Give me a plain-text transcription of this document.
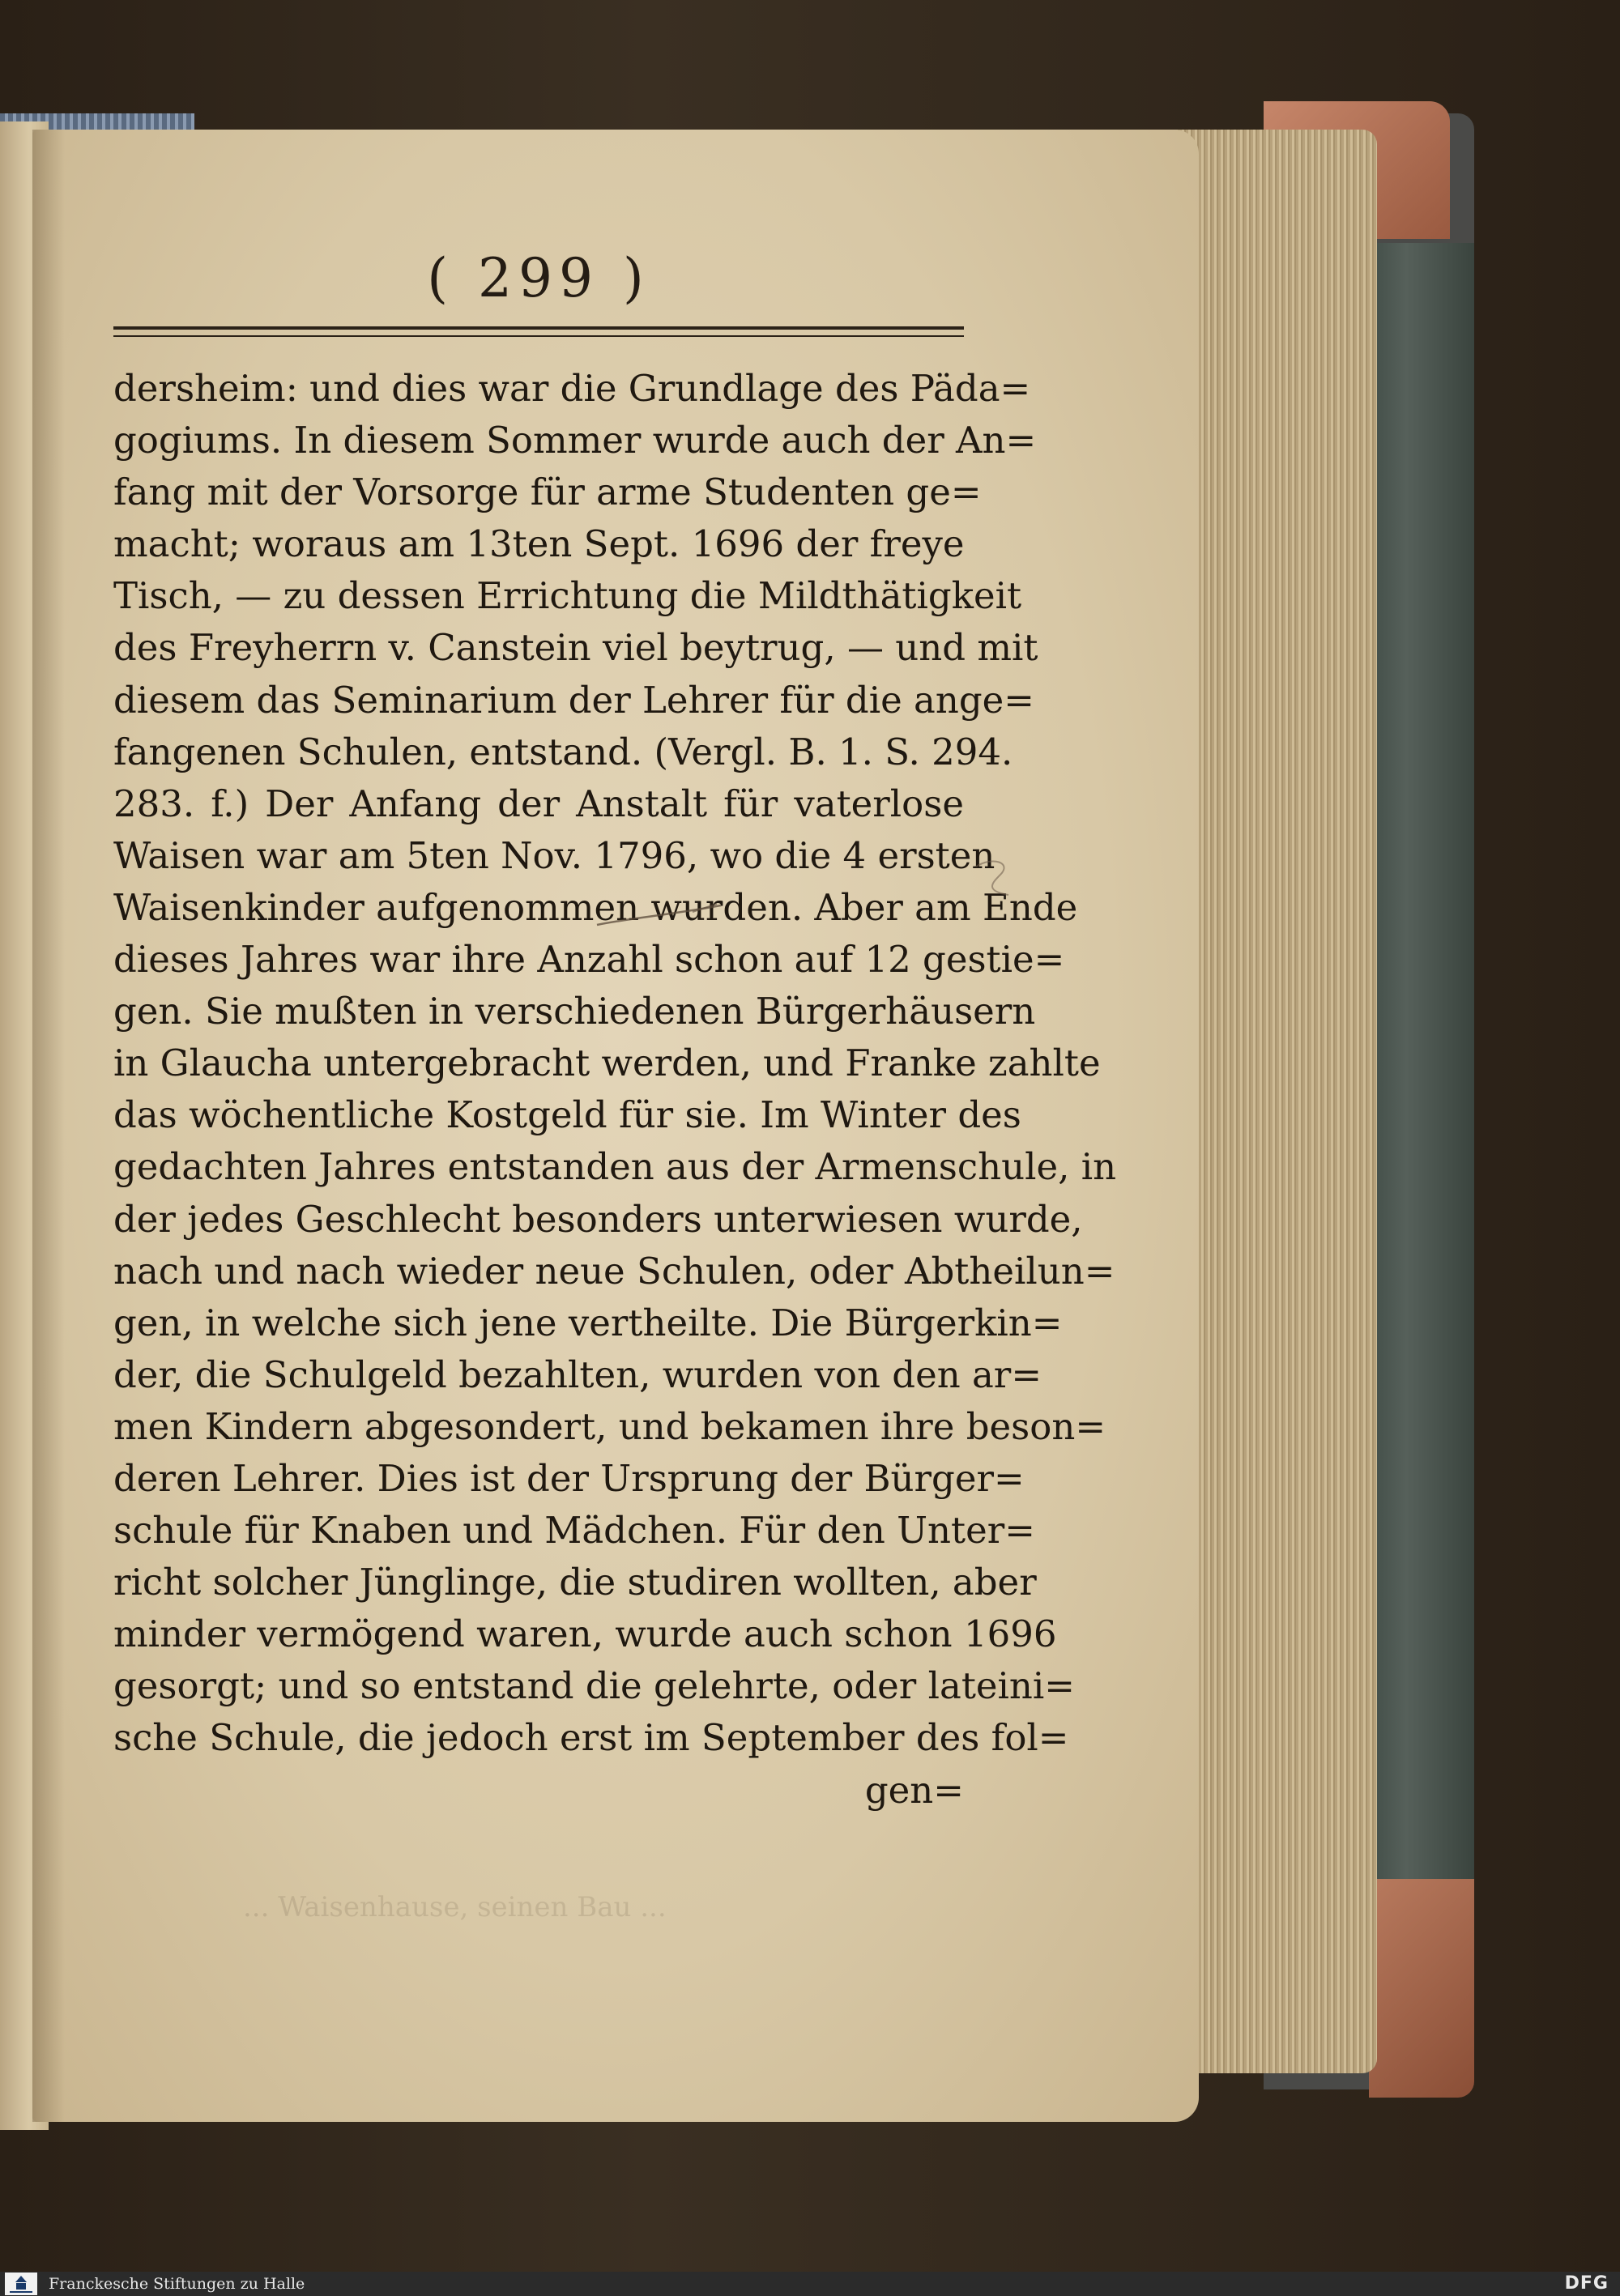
( 299 )
dersheim: und dies war die Grundlage des Päda=
gogiums. In diesem Sommer wurde auch der An=
fang mit der Vorsorge für arme Studenten ge=
macht; woraus am 13ten Sept. 1696 der freye
Tisch, — zu dessen Errichtung die Mildthätigkeit
des Freyherrn v. Canstein viel beytrug, — und mit
diesem das Seminarium der Lehrer für die ange=
fangenen Schulen, entstand. (Vergl. B. 1. S. 294.
283. f.) Der Anfang der Anstalt für vaterlose
Waisen war am 5ten Nov. 1796, wo die 4 ersten
Waisenkinder aufgenommen wurden. Aber am Ende
dieses Jahres war ihre Anzahl schon auf 12 gestie=
gen. Sie mußten in verschiedenen Bürgerhäusern
in Glaucha untergebracht werden, und Franke zahlte
das wöchentliche Kostgeld für sie. Im Winter des
gedachten Jahres entstanden aus der Armenschule, in
der jedes Geschlecht besonders unterwiesen wurde,
nach und nach wieder neue Schulen, oder Abtheilun=
gen, in welche sich jene vertheilte. Die Bürgerkin=
der, die Schulgeld bezahlten, wurden von den ar=
men Kindern abgesondert, und bekamen ihre beson=
deren Lehrer. Dies ist der Ursprung der Bürger=
schule für Knaben und Mädchen. Für den Unter=
richt solcher Jünglinge, die studiren wollten, aber
minder vermögend waren, wurde auch schon 1696
gesorgt; und so entstand die gelehrte, oder lateini=
sche Schule, die jedoch erst im September des fol=
gen=
... Waisenhause, seinen Bau ...
Franckesche Stiftungen zu Halle	DFG
